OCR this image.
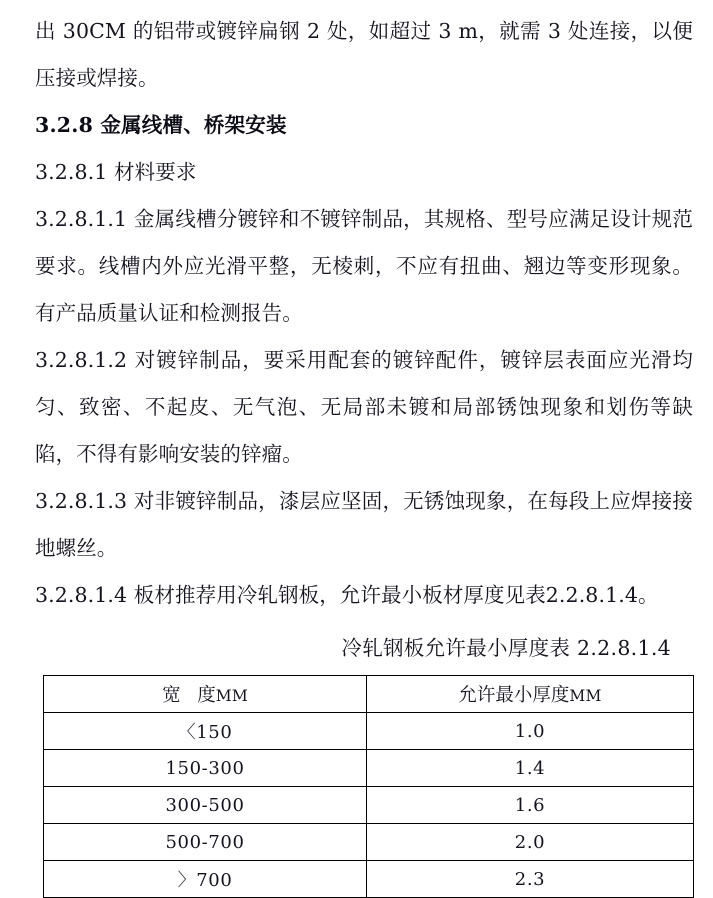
出 30CM 的铝带或镀锌扁钢 2 处，如超过 3 m，就需 3 处连接，以便压接或焊接。

3.2.8 金属线槽、桥架安装

3.2.8.1 材料要求

3.2.8.1.1 金属线槽分镀锌和不镀锌制品，其规格、型号应满足设计规范要求。线槽内外应光滑平整，无棱刺，不应有扭曲、翘边等变形现象。有产品质量认证和检测报告。

3.2.8.1.2 对镀锌制品，要采用配套的镀锌配件，镀锌层表面应光滑均匀、致密、不起皮、无气泡、无局部未镀和局部锈蚀现象和划伤等缺陷，不得有影响安装的锌瘤。

3.2.8.1.3 对非镀锌制品，漆层应坚固，无锈蚀现象，在每段上应焊接接地螺丝。

3.2.8.1.4 板材推荐用冷轧钢板，允许最小板材厚度见表2.2.8.1.4。

冷轧钢板允许最小厚度表 2.2.8.1.4

宽 度MM	允许最小厚度MM
〈150	1.0
150-300	1.4
300-500	1.6
500-700	2.0
〉700	2.3
